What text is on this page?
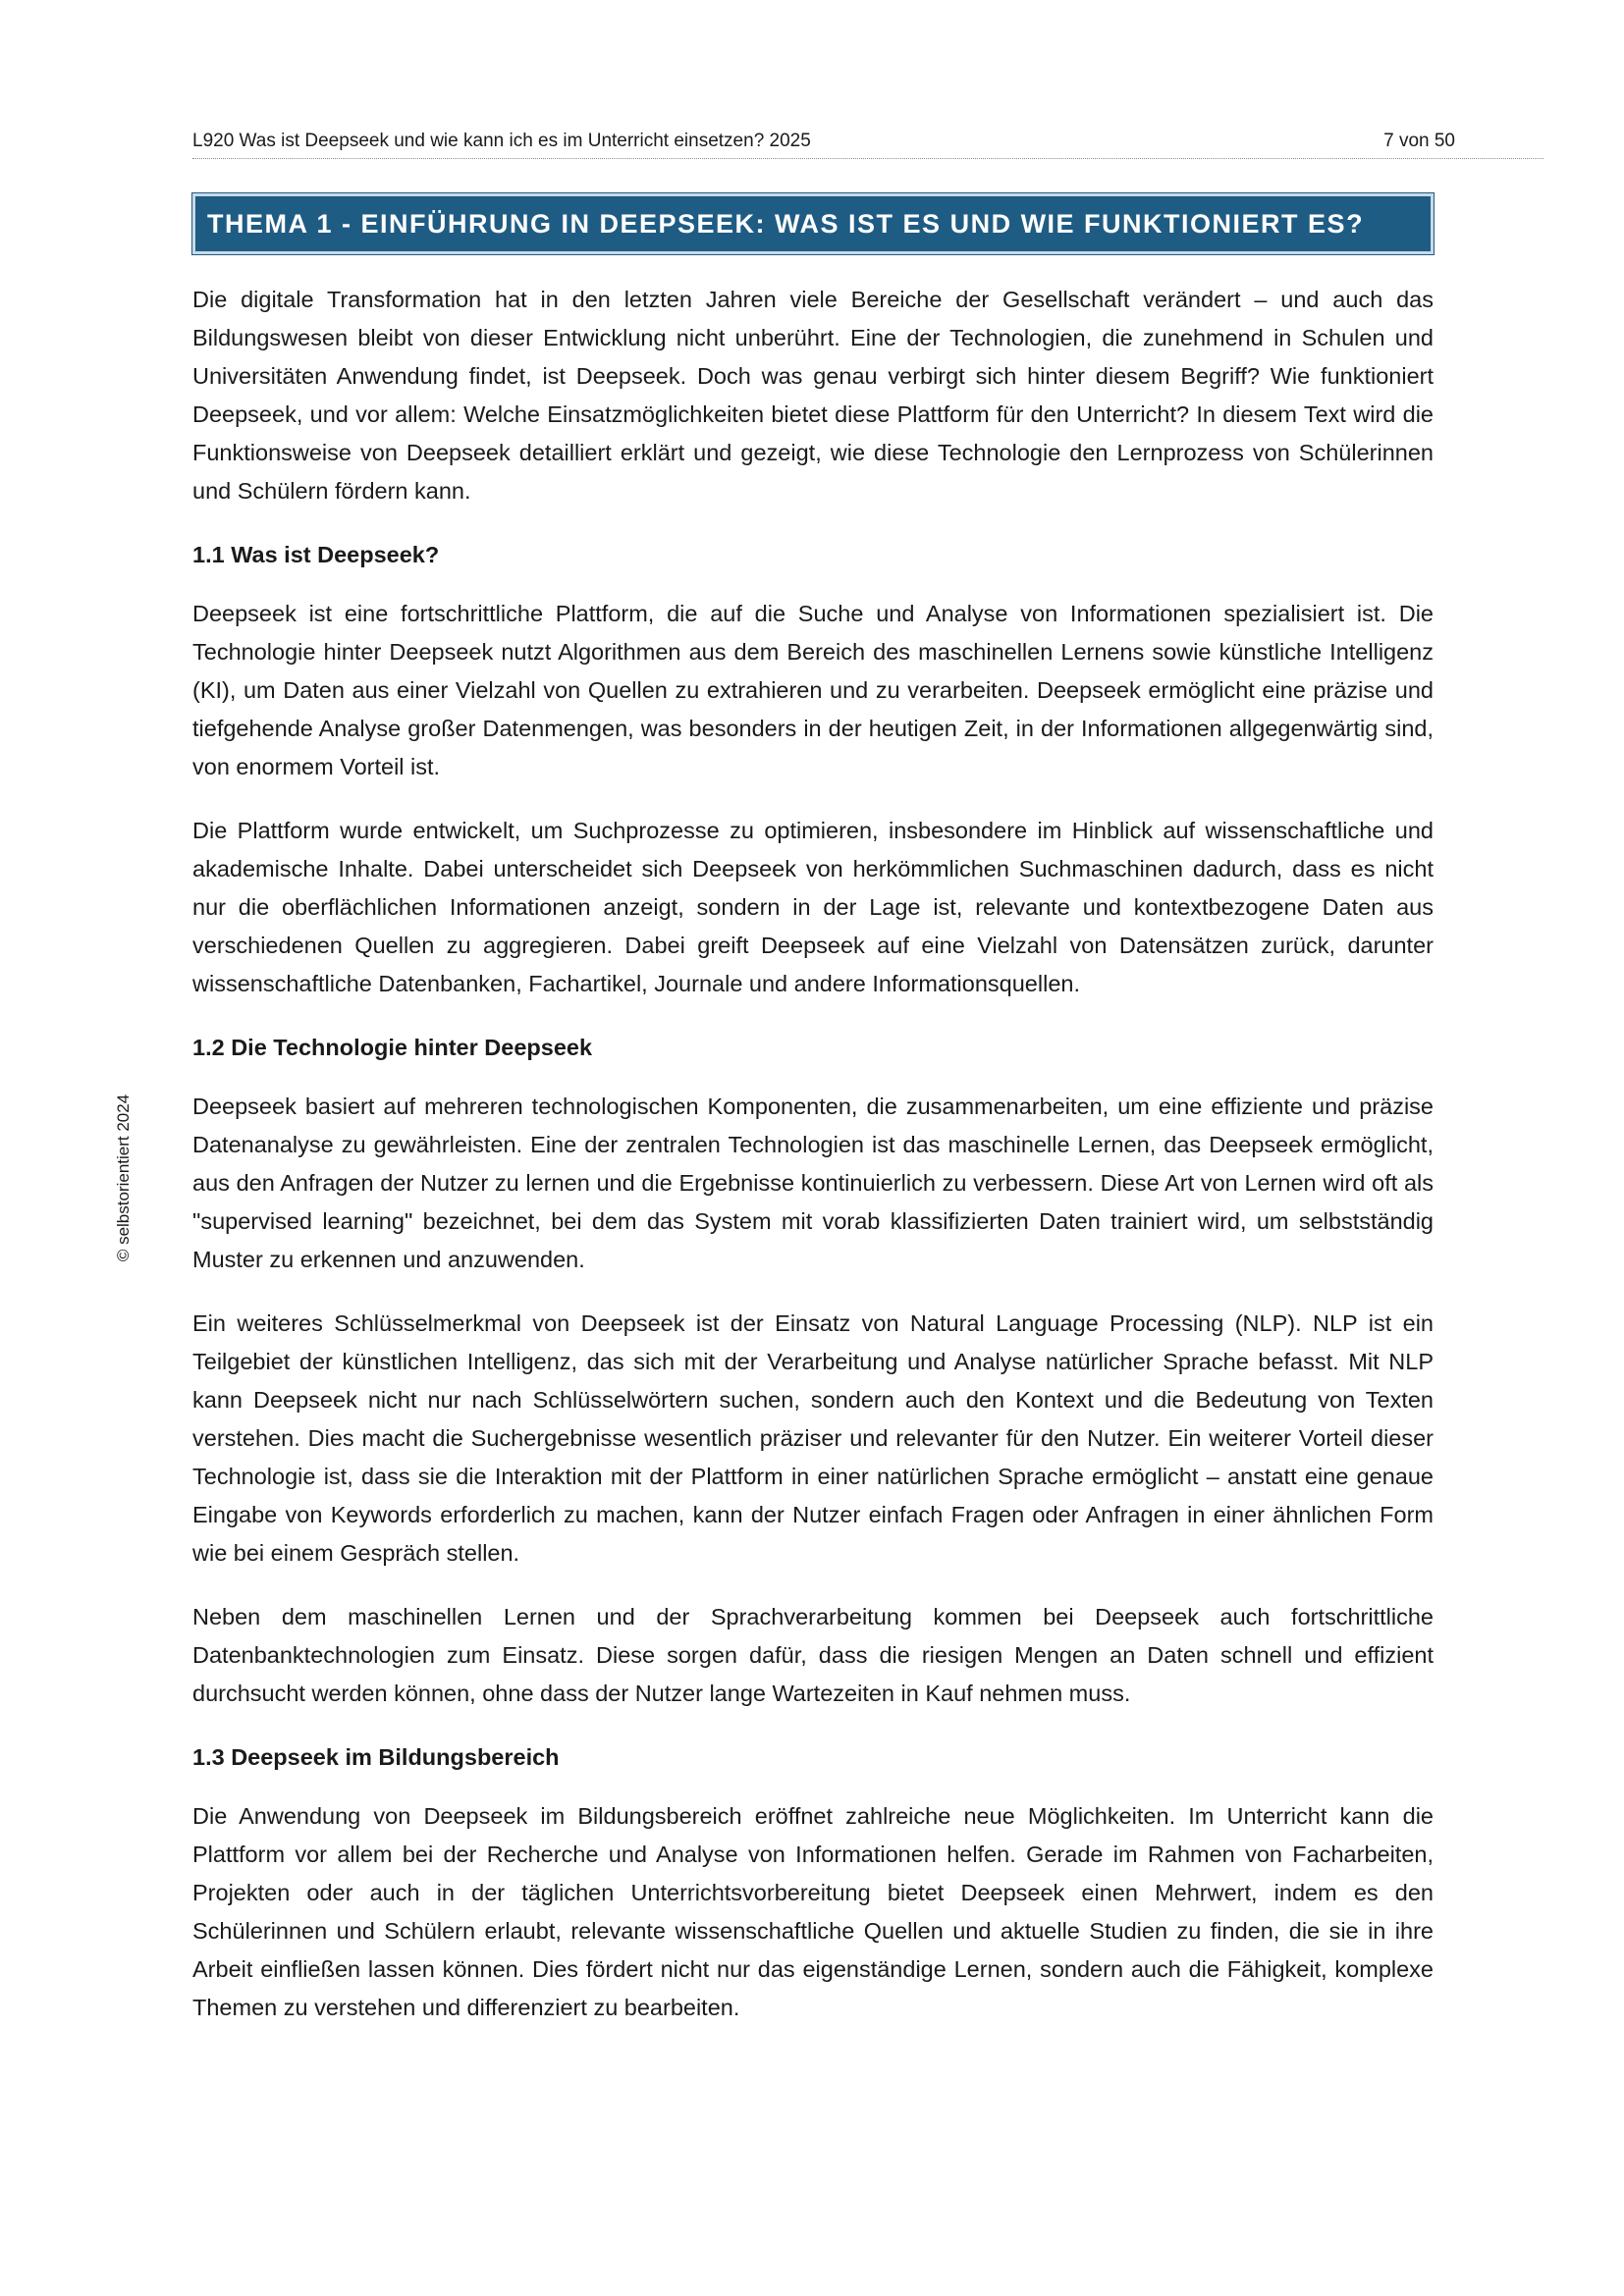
L920 Was ist Deepseek und wie kann ich es im Unterricht einsetzen? 2025	7 von 50
© selbstorientiert 2024
THEMA 1 - EINFÜHRUNG IN DEEPSEEK: WAS IST ES UND WIE FUNKTIONIERT ES?

Die digitale Transformation hat in den letzten Jahren viele Bereiche der Gesellschaft verändert – und auch das Bildungswesen bleibt von dieser Entwicklung nicht unberührt. Eine der Technologien, die zunehmend in Schulen und Universitäten Anwendung findet, ist Deepseek. Doch was genau verbirgt sich hinter diesem Begriff? Wie funktioniert Deepseek, und vor allem: Welche Einsatzmöglichkeiten bietet diese Plattform für den Unterricht? In diesem Text wird die Funktionsweise von Deepseek detailliert erklärt und gezeigt, wie diese Technologie den Lernprozess von Schülerinnen und Schülern fördern kann.

1.1 Was ist Deepseek?

Deepseek ist eine fortschrittliche Plattform, die auf die Suche und Analyse von Informationen spezialisiert ist. Die Technologie hinter Deepseek nutzt Algorithmen aus dem Bereich des maschinellen Lernens sowie künstliche Intelligenz (KI), um Daten aus einer Vielzahl von Quellen zu extrahieren und zu verarbeiten. Deepseek ermöglicht eine präzise und tiefgehende Analyse großer Datenmengen, was besonders in der heutigen Zeit, in der Informationen allgegenwärtig sind, von enormem Vorteil ist.

Die Plattform wurde entwickelt, um Suchprozesse zu optimieren, insbesondere im Hinblick auf wissenschaftliche und akademische Inhalte. Dabei unterscheidet sich Deepseek von herkömmlichen Suchmaschinen dadurch, dass es nicht nur die oberflächlichen Informationen anzeigt, sondern in der Lage ist, relevante und kontextbezogene Daten aus verschiedenen Quellen zu aggregieren. Dabei greift Deepseek auf eine Vielzahl von Datensätzen zurück, darunter wissenschaftliche Datenbanken, Fachartikel, Journale und andere Informationsquellen.

1.2 Die Technologie hinter Deepseek

Deepseek basiert auf mehreren technologischen Komponenten, die zusammenarbeiten, um eine effiziente und präzise Datenanalyse zu gewährleisten. Eine der zentralen Technologien ist das maschinelle Lernen, das Deepseek ermöglicht, aus den Anfragen der Nutzer zu lernen und die Ergebnisse kontinuierlich zu verbessern. Diese Art von Lernen wird oft als "supervised learning" bezeichnet, bei dem das System mit vorab klassifizierten Daten trainiert wird, um selbstständig Muster zu erkennen und anzuwenden.

Ein weiteres Schlüsselmerkmal von Deepseek ist der Einsatz von Natural Language Processing (NLP). NLP ist ein Teilgebiet der künstlichen Intelligenz, das sich mit der Verarbeitung und Analyse natürlicher Sprache befasst. Mit NLP kann Deepseek nicht nur nach Schlüsselwörtern suchen, sondern auch den Kontext und die Bedeutung von Texten verstehen. Dies macht die Suchergebnisse wesentlich präziser und relevanter für den Nutzer. Ein weiterer Vorteil dieser Technologie ist, dass sie die Interaktion mit der Plattform in einer natürlichen Sprache ermöglicht – anstatt eine genaue Eingabe von Keywords erforderlich zu machen, kann der Nutzer einfach Fragen oder Anfragen in einer ähnlichen Form wie bei einem Gespräch stellen.

Neben dem maschinellen Lernen und der Sprachverarbeitung kommen bei Deepseek auch fortschrittliche Datenbanktechnologien zum Einsatz. Diese sorgen dafür, dass die riesigen Mengen an Daten schnell und effizient durchsucht werden können, ohne dass der Nutzer lange Wartezeiten in Kauf nehmen muss.

1.3 Deepseek im Bildungsbereich

Die Anwendung von Deepseek im Bildungsbereich eröffnet zahlreiche neue Möglichkeiten. Im Unterricht kann die Plattform vor allem bei der Recherche und Analyse von Informationen helfen. Gerade im Rahmen von Facharbeiten, Projekten oder auch in der täglichen Unterrichtsvorbereitung bietet Deepseek einen Mehrwert, indem es den Schülerinnen und Schülern erlaubt, relevante wissenschaftliche Quellen und aktuelle Studien zu finden, die sie in ihre Arbeit einfließen lassen können. Dies fördert nicht nur das eigenständige Lernen, sondern auch die Fähigkeit, komplexe Themen zu verstehen und differenziert zu bearbeiten.
